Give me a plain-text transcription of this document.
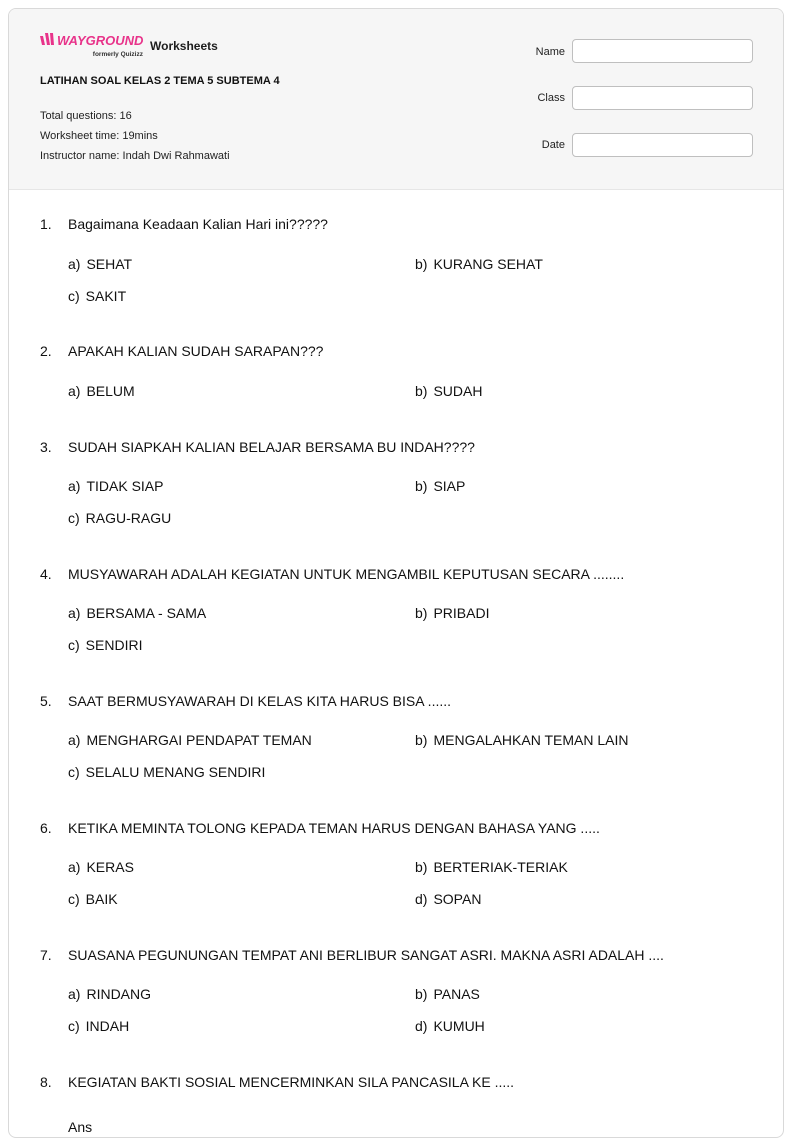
WAYGROUND
formerly Quizizz
Worksheets
LATIHAN SOAL KELAS 2 TEMA 5 SUBTEMA 4
Total questions: 16
Worksheet time: 19mins
Instructor name: Indah Dwi Rahmawati
Name
Class
Date
1. Bagaimana Keadaan Kalian Hari ini?????
a) SEHAT	b) KURANG SEHAT
c) SAKIT
2. APAKAH KALIAN SUDAH SARAPAN???
a) BELUM	b) SUDAH
3. SUDAH SIAPKAH KALIAN BELAJAR BERSAMA BU INDAH????
a) TIDAK SIAP	b) SIAP
c) RAGU-RAGU
4. MUSYAWARAH ADALAH KEGIATAN UNTUK MENGAMBIL KEPUTUSAN SECARA ........
a) BERSAMA - SAMA	b) PRIBADI
c) SENDIRI
5. SAAT BERMUSYAWARAH DI KELAS KITA HARUS BISA ......
a) MENGHARGAI PENDAPAT TEMAN	b) MENGALAHKAN TEMAN LAIN
c) SELALU MENANG SENDIRI
6. KETIKA MEMINTA TOLONG KEPADA TEMAN HARUS DENGAN BAHASA YANG .....
a) KERAS	b) BERTERIAK-TERIAK
c) BAIK	d) SOPAN
7. SUASANA PEGUNUNGAN TEMPAT ANI BERLIBUR SANGAT ASRI. MAKNA ASRI ADALAH ....
a) RINDANG	b) PANAS
c) INDAH	d) KUMUH
8. KEGIATAN BAKTI SOSIAL MENCERMINKAN SILA PANCASILA KE .....
Ans
